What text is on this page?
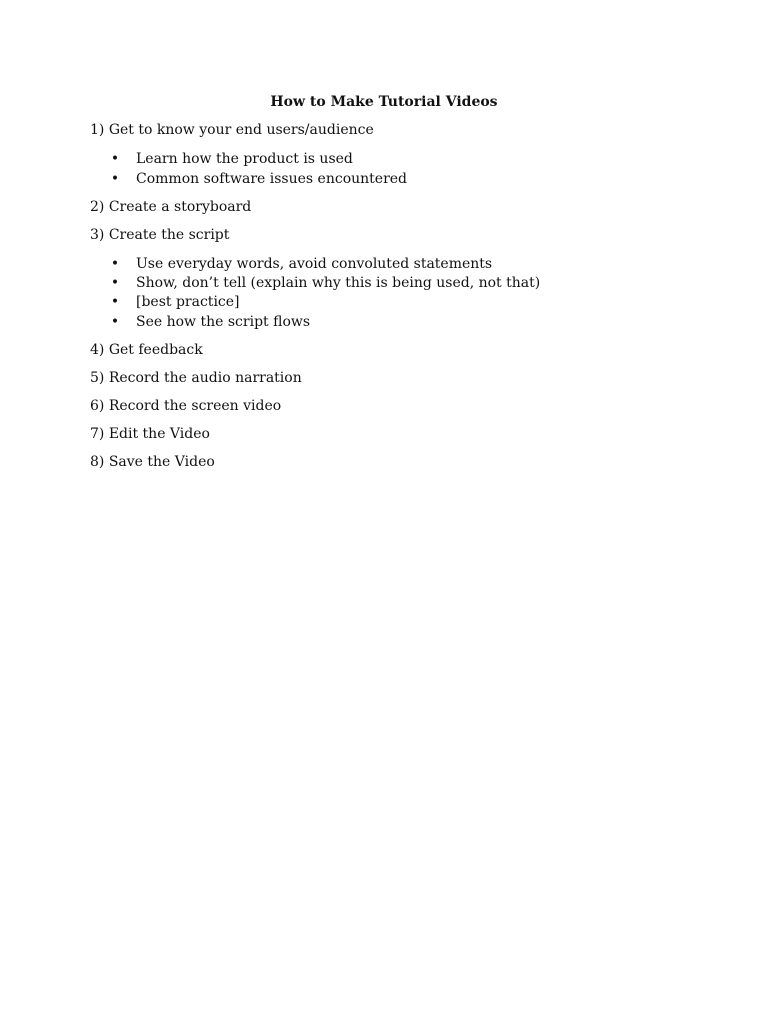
How to Make Tutorial Videos
1) Get to know your end users/audience
• Learn how the product is used
• Common software issues encountered
2) Create a storyboard
3) Create the script
• Use everyday words, avoid convoluted statements
• Show, don’t tell (explain why this is being used, not that)
• [best practice]
• See how the script flows
4) Get feedback
5) Record the audio narration
6) Record the screen video
7) Edit the Video
8) Save the Video
